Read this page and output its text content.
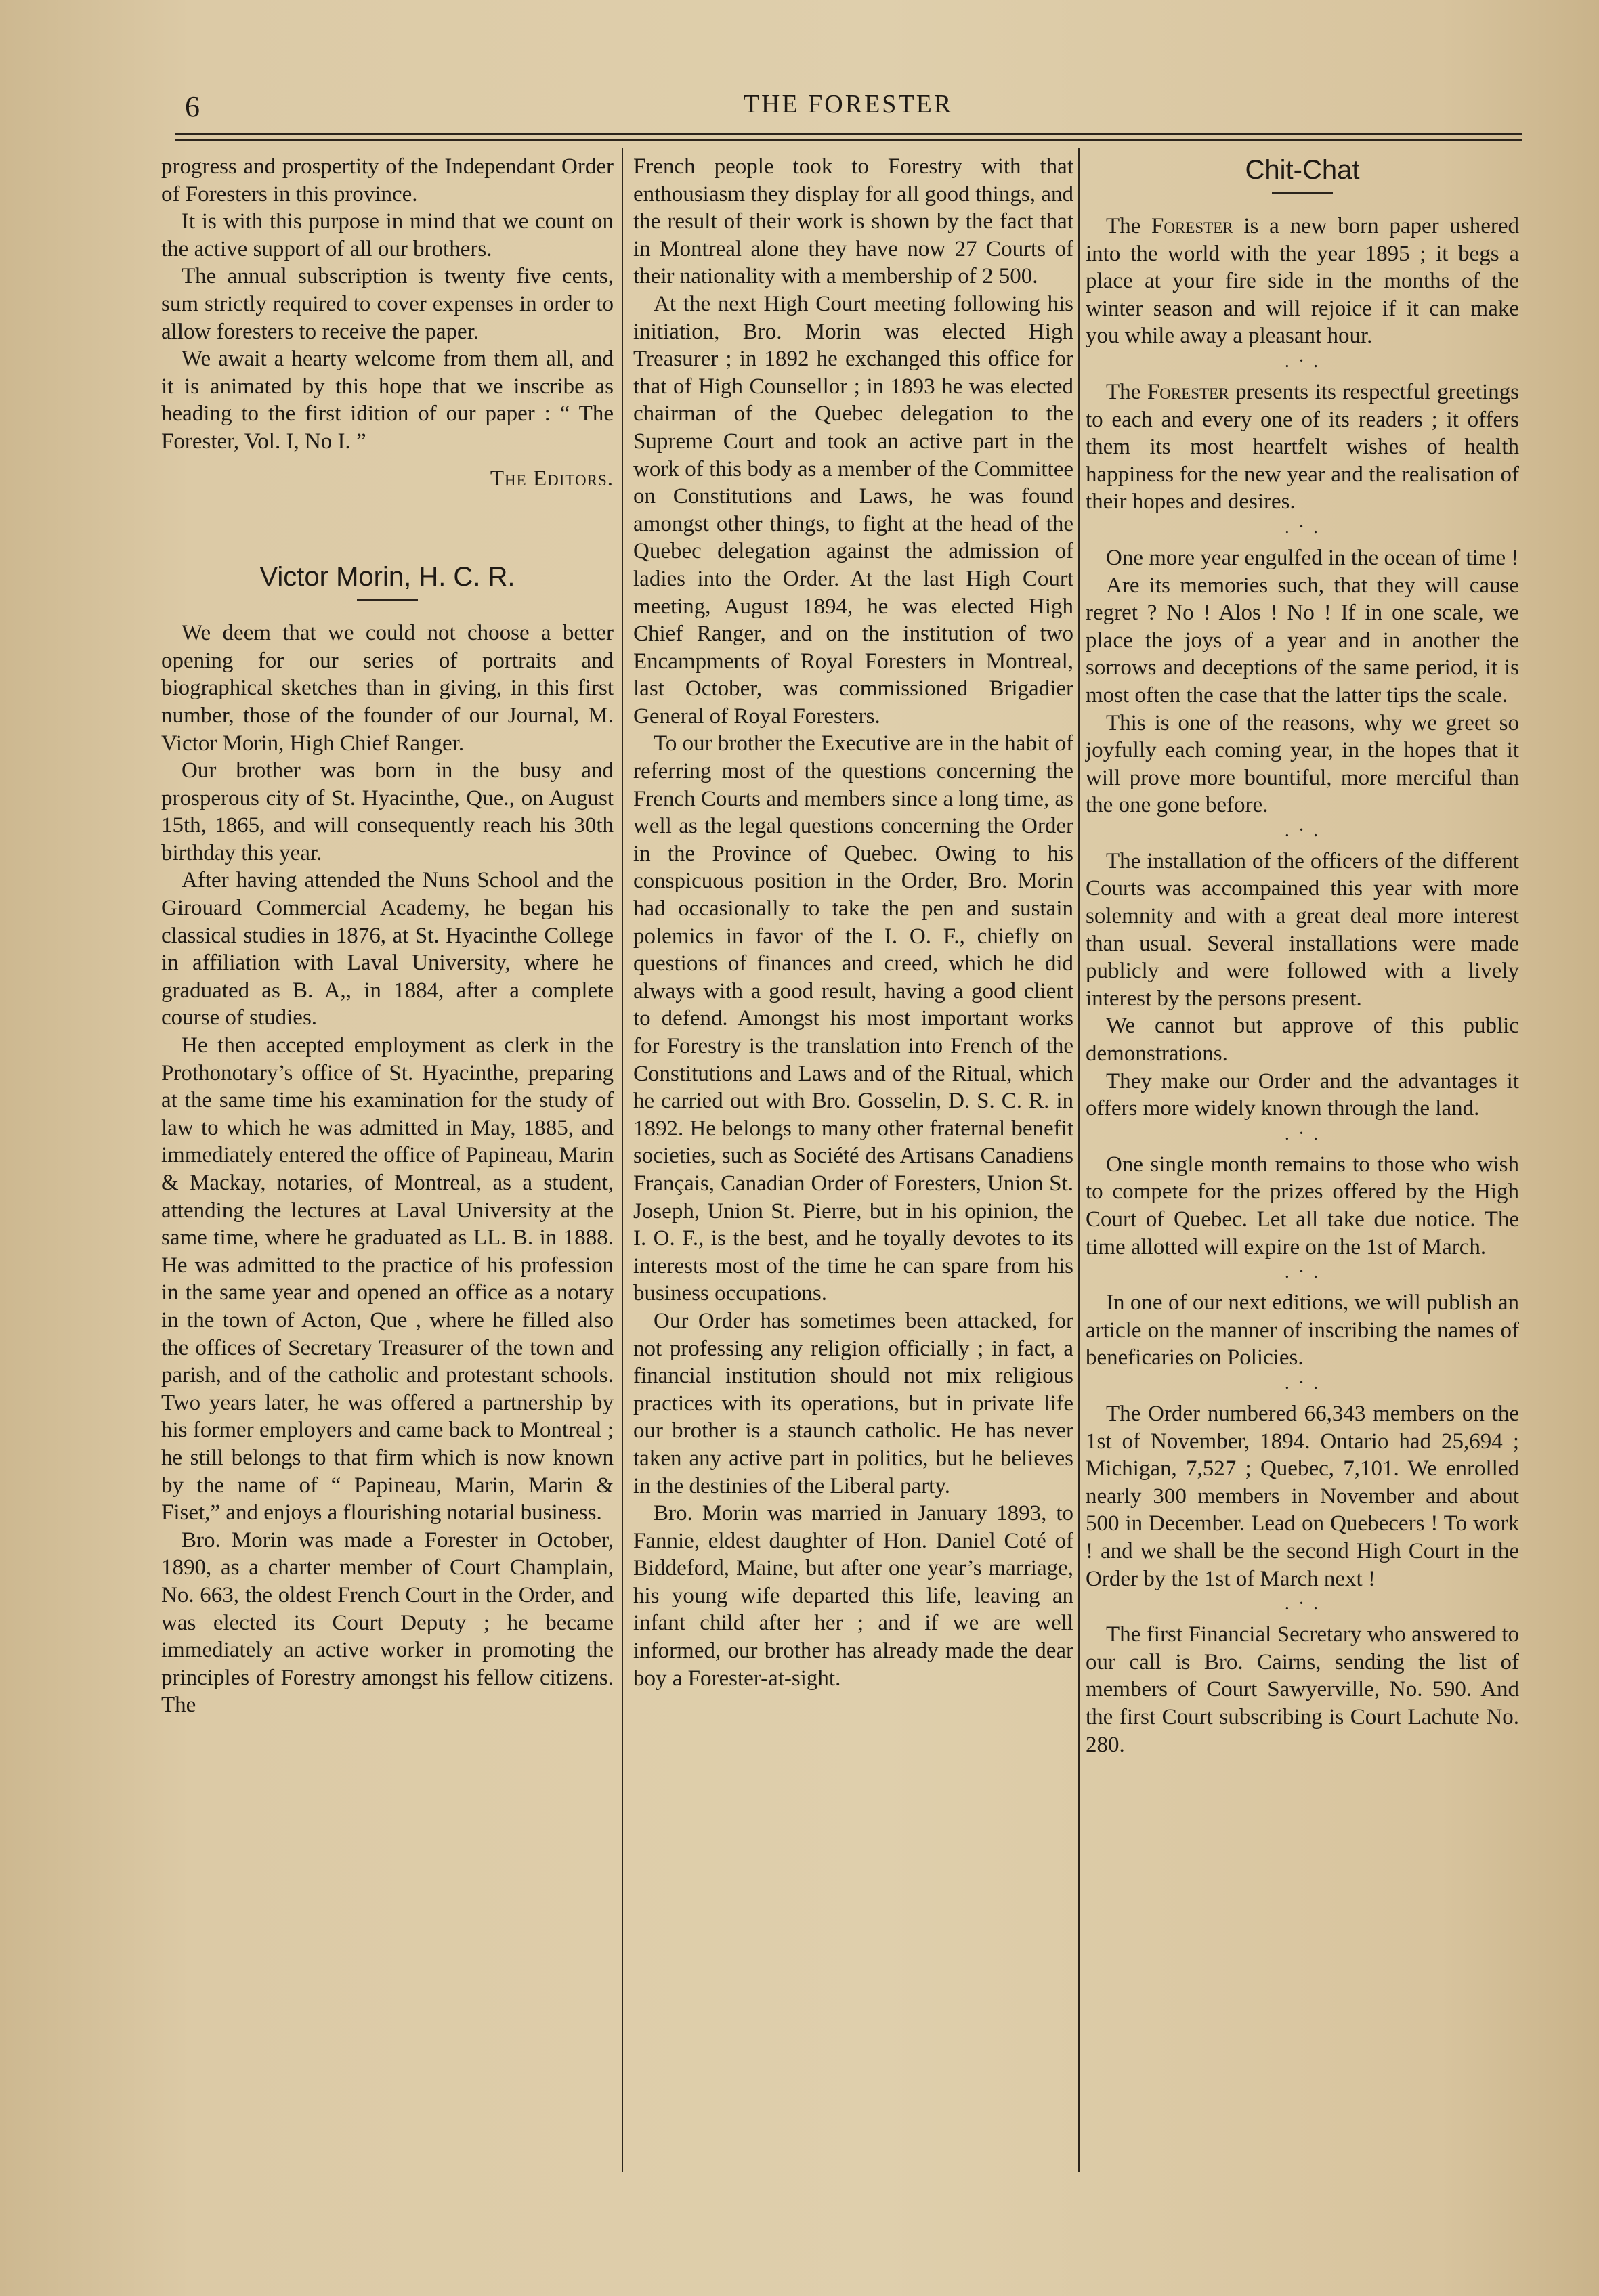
6	THE FORESTER

progress and prospertity of the Independant Order of Foresters in this province.

It is with this purpose in mind that we count on the active support of all our brothers.

The annual subscription is twenty five cents, sum strictly required to cover expenses in order to allow foresters to receive the paper.

We await a hearty welcome from them all, and it is animated by this hope that we inscribe as heading to the first idition of our paper : “ The Forester, Vol. I, No I. ”

The Editors.
Victor Morin, H. C. R.

We deem that we could not choose a better opening for our series of portraits and biographical sketches than in giving, in this first number, those of the founder of our Journal, M. Victor Morin, High Chief Ranger.

Our brother was born in the busy and prosperous city of St. Hyacinthe, Que., on August 15th, 1865, and will consequently reach his 30th birthday this year.

After having attended the Nuns School and the Girouard Commercial Academy, he began his classical studies in 1876, at St. Hyacinthe College in affiliation with Laval University, where he graduated as B. A,, in 1884, after a complete course of studies.

He then accepted employment as clerk in the Prothonotary’s office of St. Hyacinthe, preparing at the same time his examination for the study of law to which he was admitted in May, 1885, and immediately entered the office of Papineau, Marin & Mackay, notaries, of Montreal, as a student, attending the lectures at Laval University at the same time, where he graduated as LL. B. in 1888. He was admitted to the practice of his profession in the same year and opened an office as a notary in the town of Acton, Que , where he filled also the offices of Secretary Treasurer of the town and parish, and of the catholic and protestant schools. Two years later, he was offered a partnership by his former employers and came back to Montreal ; he still belongs to that firm which is now known by the name of “ Papineau, Marin, Marin & Fiset,” and enjoys a flourishing notarial business.

Bro. Morin was made a Forester in October, 1890, as a charter member of Court Champlain, No. 663, the oldest French Court in the Order, and was elected its Court Deputy ; he became immediately an active worker in promoting the principles of Forestry amongst his fellow citizens. The

French people took to Forestry with that enthousiasm they display for all good things, and the result of their work is shown by the fact that in Montreal alone they have now 27 Courts of their nationality with a membership of 2 500.

At the next High Court meeting following his initiation, Bro. Morin was elected High Treasurer ; in 1892 he exchanged this office for that of High Counsellor ; in 1893 he was elected chairman of the Quebec delegation to the Supreme Court and took an active part in the work of this body as a member of the Committee on Constitutions and Laws, he was found amongst other things, to fight at the head of the Quebec delegation against the admission of ladies into the Order. At the last High Court meeting, August 1894, he was elected High Chief Ranger, and on the institution of two Encampments of Royal Foresters in Montreal, last October, was commissioned Brigadier General of Royal Foresters.

To our brother the Executive are in the habit of referring most of the questions concerning the French Courts and members since a long time, as well as the legal questions concerning the Order in the Province of Quebec. Owing to his conspicuous position in the Order, Bro. Morin had occasionally to take the pen and sustain polemics in favor of the I. O. F., chiefly on questions of finances and creed, which he did always with a good result, having a good client to defend. Amongst his most important works for Forestry is the translation into French of the Constitutions and Laws and of the Ritual, which he carried out with Bro. Gosselin, D. S. C. R. in 1892. He belongs to many other fraternal benefit societies, such as Société des Artisans Canadiens Français, Canadian Order of Foresters, Union St. Joseph, Union St. Pierre, but in his opinion, the I. O. F., is the best, and he toyally devotes to its interests most of the time he can spare from his business occupations.

Our Order has sometimes been attacked, for not professing any religion officially ; in fact, a financial institution should not mix religious practices with its operations, but in private life our brother is a staunch catholic. He has never taken any active part in politics, but he believes in the destinies of the Liberal party.

Bro. Morin was married in January 1893, to Fannie, eldest daughter of Hon. Daniel Coté of Biddeford, Maine, but after one year’s marriage, his young wife departed this life, leaving an infant child after her ; and if we are well informed, our brother has already made the dear boy a Forester-at-sight.

Chit-Chat

The Forester is a new born paper ushered into the world with the year 1895 ; it begs a place at your fire side in the months of the winter season and will rejoice if it can make you while away a pleasant hour.

. · .

The Forester presents its respectful greetings to each and every one of its readers ; it offers them its most heartfelt wishes of health happiness for the new year and the realisation of their hopes and desires.

. · .

One more year engulfed in the ocean of time !

Are its memories such, that they will cause regret ? No ! Alos ! No ! If in one scale, we place the joys of a year and in another the sorrows and deceptions of the same period, it is most often the case that the latter tips the scale.

This is one of the reasons, why we greet so joyfully each coming year, in the hopes that it will prove more bountiful, more merciful than the one gone before.

. · .

The installation of the officers of the different Courts was accompained this year with more solemnity and with a great deal more interest than usual. Several installations were made publicly and were followed with a lively interest by the persons present.

We cannot but approve of this public demonstrations.

They make our Order and the advantages it offers more widely known through the land.

. · .

One single month remains to those who wish to compete for the prizes offered by the High Court of Quebec. Let all take due notice. The time allotted will expire on the 1st of March.

. · .

In one of our next editions, we will publish an article on the manner of inscribing the names of beneficaries on Policies.

. · .

The Order numbered 66,343 members on the 1st of November, 1894. Ontario had 25,694 ; Michigan, 7,527 ; Quebec, 7,101. We enrolled nearly 300 members in November and about 500 in December. Lead on Quebecers ! To work ! and we shall be the second High Court in the Order by the 1st of March next !

. · .

The first Financial Secretary who answered to our call is Bro. Cairns, sending the list of members of Court Sawyerville, No. 590. And the first Court subscribing is Court Lachute No. 280.
